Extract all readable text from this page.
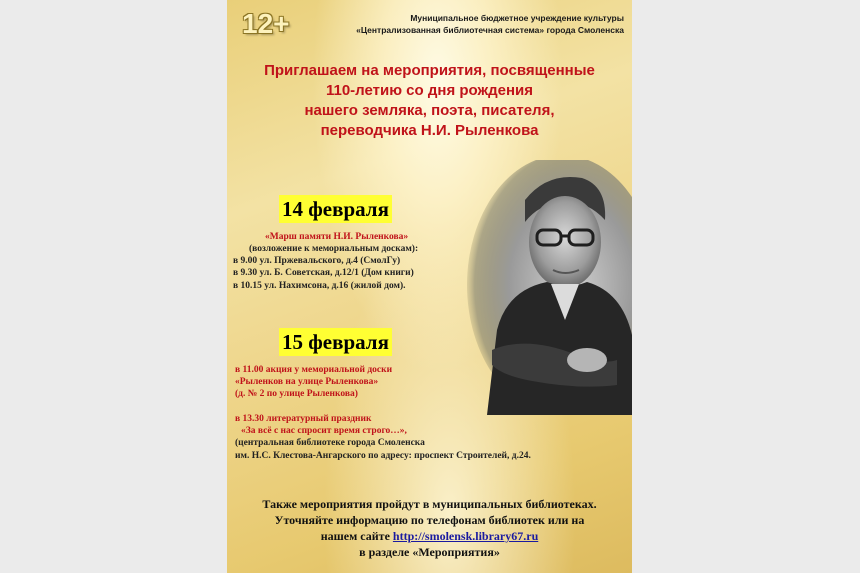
12+	Муниципальное бюджетное учреждение культуры
«Централизованная библиотечная система» города Смоленска
Приглашаем на мероприятия, посвященные
110-летию со дня рождения
нашего земляка, поэта, писателя,
переводчика Н.И. Рыленкова
14 февраля
«Марш памяти Н.И. Рыленкова»
(возложение к мемориальным доскам):
в 9.00 ул. Пржевальского, д.4 (СмолГу)
в 9.30 ул. Б. Советская, д.12/1 (Дом книги)
в 10.15 ул. Нахимсона, д.16 (жилой дом).
15 февраля
в 11.00 акция у мемориальной доски
«Рыленков на улице Рыленкова»
(д. № 2 по улице Рыленкова)
в 13.30 литературный праздник
«За всё с нас спросит время строго…»,
(центральная библиотеке города Смоленска
им. Н.С. Клестова-Ангарского по адресу: проспект Строителей, д.24.
Также мероприятия пройдут в муниципальных библиотеках.
Уточняйте информацию по телефонам библиотек или на
нашем сайте http://smolensk.library67.ru
в разделе «Мероприятия»
